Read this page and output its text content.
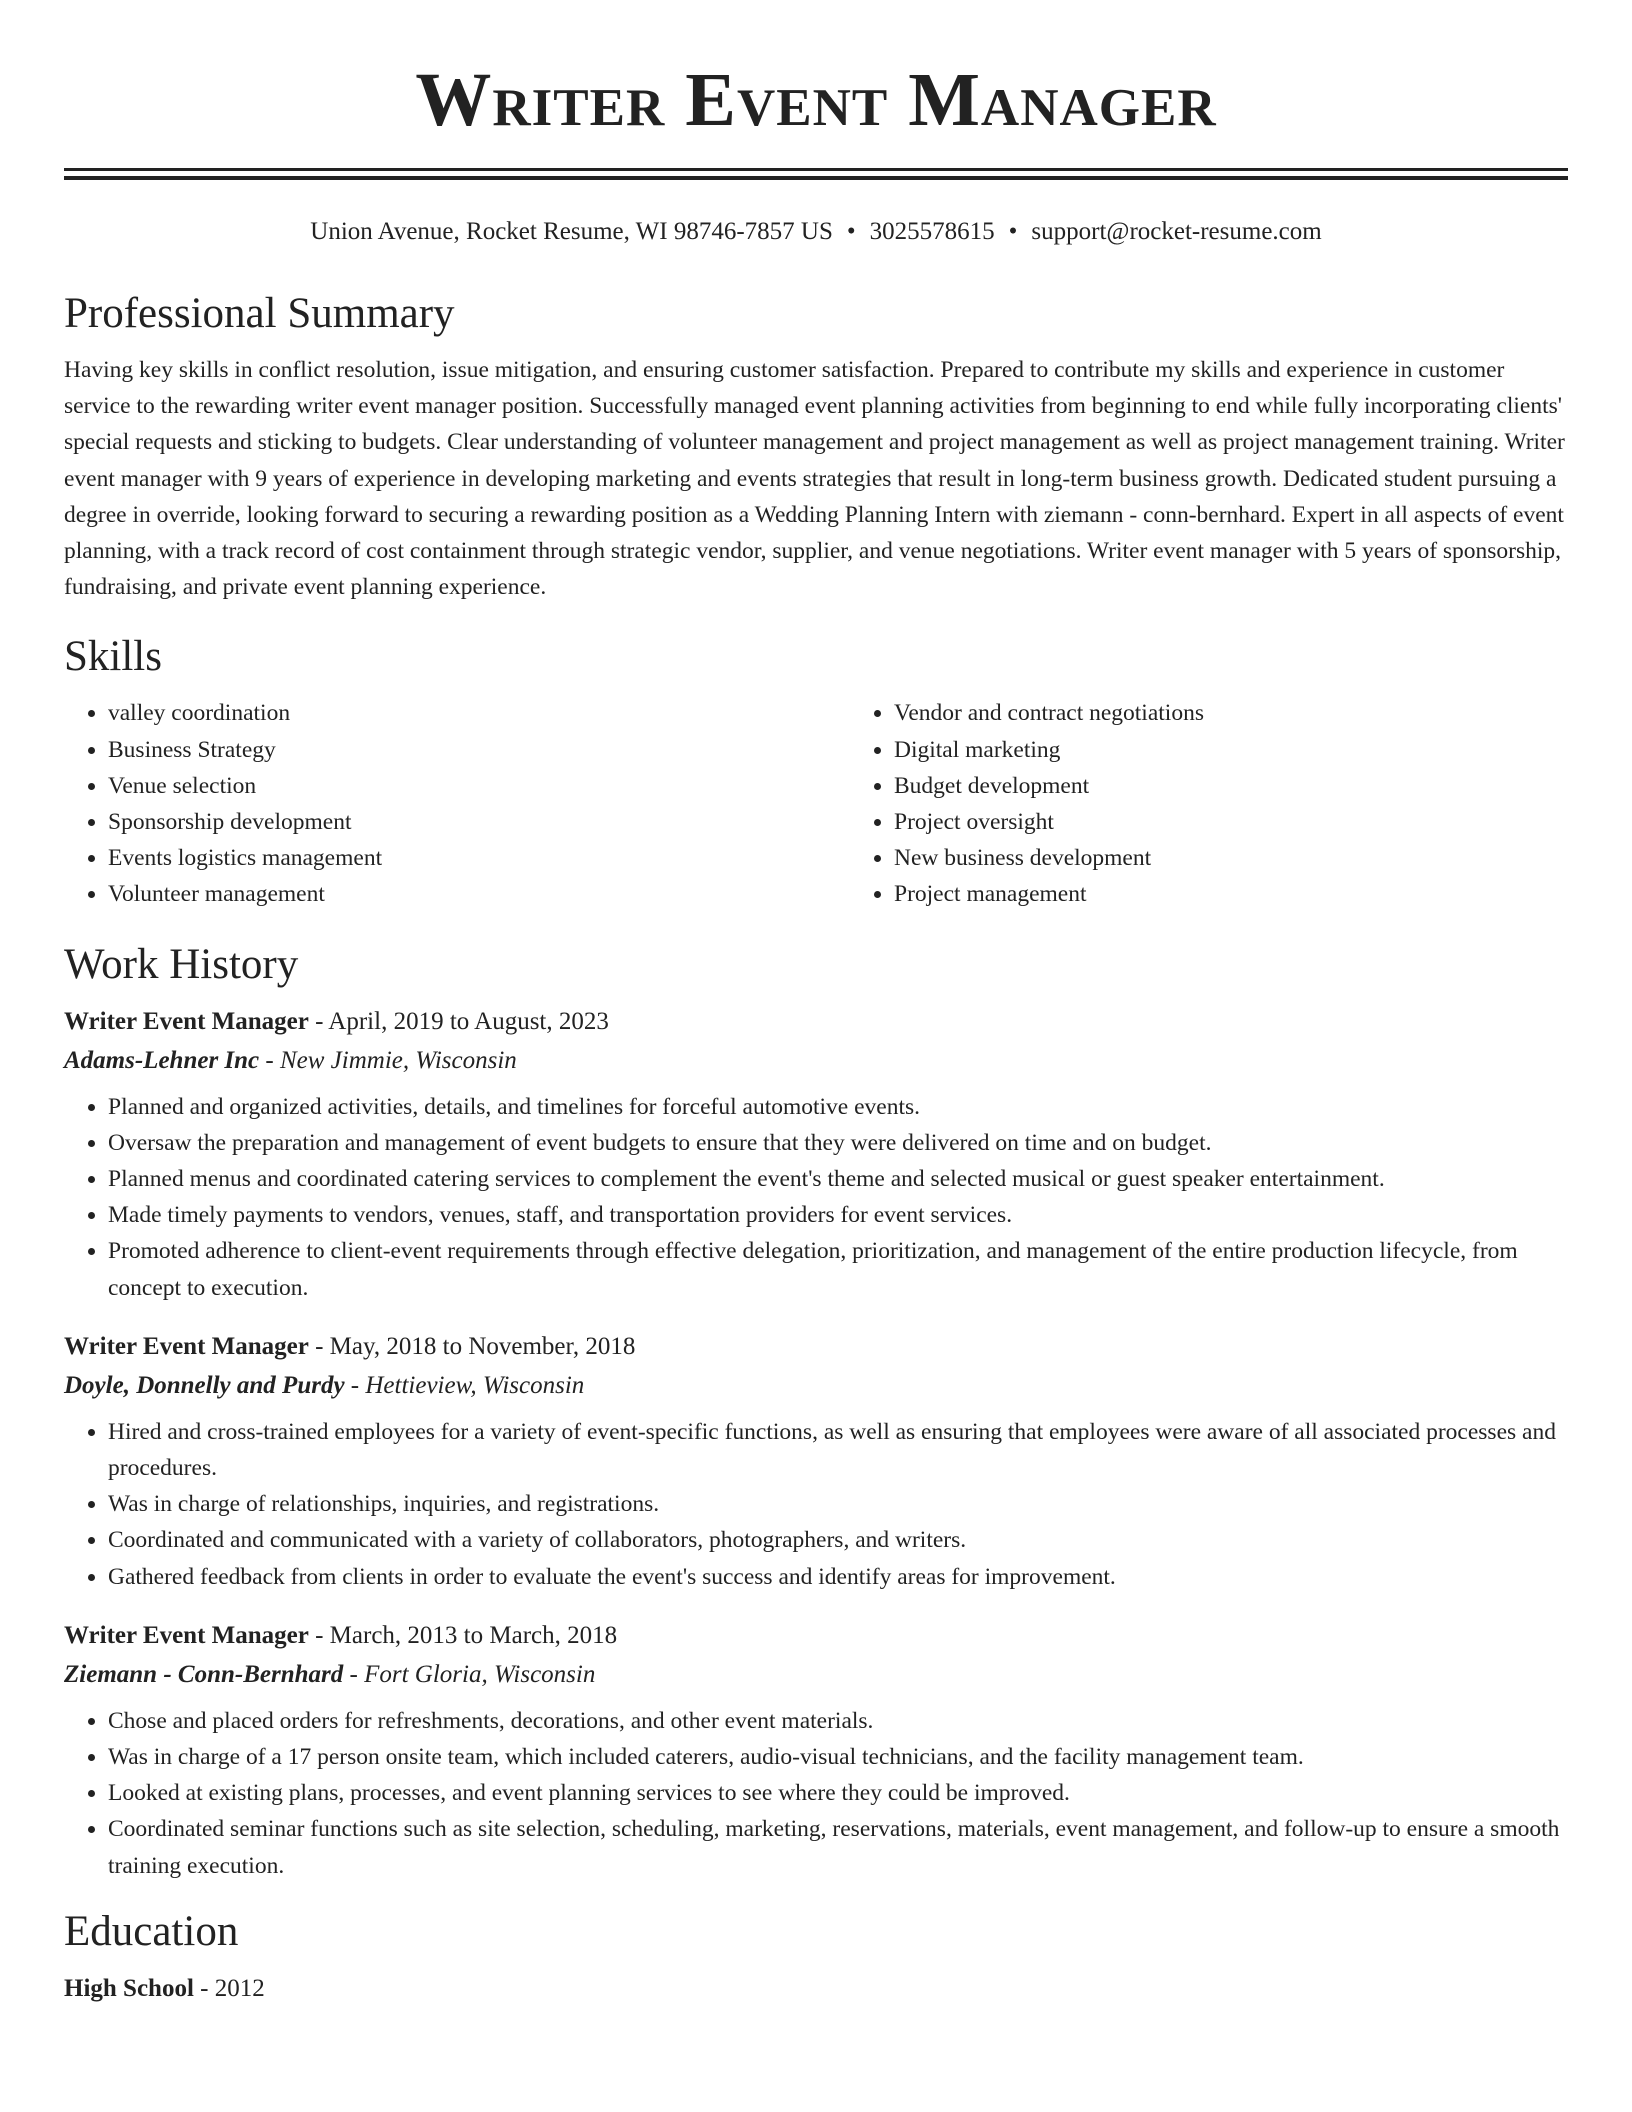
Writer Event Manager
Union Avenue, Rocket Resume, WI 98746-7857 US • 3025578615 • support@rocket-resume.com
Professional Summary

Having key skills in conflict resolution, issue mitigation, and ensuring customer satisfaction. Prepared to contribute my skills and experience in customer service to the rewarding writer event manager position. Successfully managed event planning activities from beginning to end while fully incorporating clients' special requests and sticking to budgets. Clear understanding of volunteer management and project management as well as project management training. Writer event manager with 9 years of experience in developing marketing and events strategies that result in long-term business growth. Dedicated student pursuing a degree in override, looking forward to securing a rewarding position as a Wedding Planning Intern with ziemann - conn-bernhard. Expert in all aspects of event planning, with a track record of cost containment through strategic vendor, supplier, and venue negotiations. Writer event manager with 5 years of sponsorship, fundraising, and private event planning experience.

Skills
• valley coordination
• Business Strategy
• Venue selection
• Sponsorship development
• Events logistics management
• Volunteer management
• Vendor and contract negotiations
• Digital marketing
• Budget development
• Project oversight
• New business development
• Project management
Work History
Writer Event Manager - April, 2019 to August, 2023
Adams-Lehner Inc - New Jimmie, Wisconsin
• Planned and organized activities, details, and timelines for forceful automotive events.
• Oversaw the preparation and management of event budgets to ensure that they were delivered on time and on budget.
• Planned menus and coordinated catering services to complement the event's theme and selected musical or guest speaker entertainment.
• Made timely payments to vendors, venues, staff, and transportation providers for event services.
• Promoted adherence to client-event requirements through effective delegation, prioritization, and management of the entire production lifecycle, from concept to execution.
Writer Event Manager - May, 2018 to November, 2018
Doyle, Donnelly and Purdy - Hettieview, Wisconsin
• Hired and cross-trained employees for a variety of event-specific functions, as well as ensuring that employees were aware of all associated processes and procedures.
• Was in charge of relationships, inquiries, and registrations.
• Coordinated and communicated with a variety of collaborators, photographers, and writers.
• Gathered feedback from clients in order to evaluate the event's success and identify areas for improvement.
Writer Event Manager - March, 2013 to March, 2018
Ziemann - Conn-Bernhard - Fort Gloria, Wisconsin
• Chose and placed orders for refreshments, decorations, and other event materials.
• Was in charge of a 17 person onsite team, which included caterers, audio-visual technicians, and the facility management team.
• Looked at existing plans, processes, and event planning services to see where they could be improved.
• Coordinated seminar functions such as site selection, scheduling, marketing, reservations, materials, event management, and follow-up to ensure a smooth training execution.
Education
High School - 2012
